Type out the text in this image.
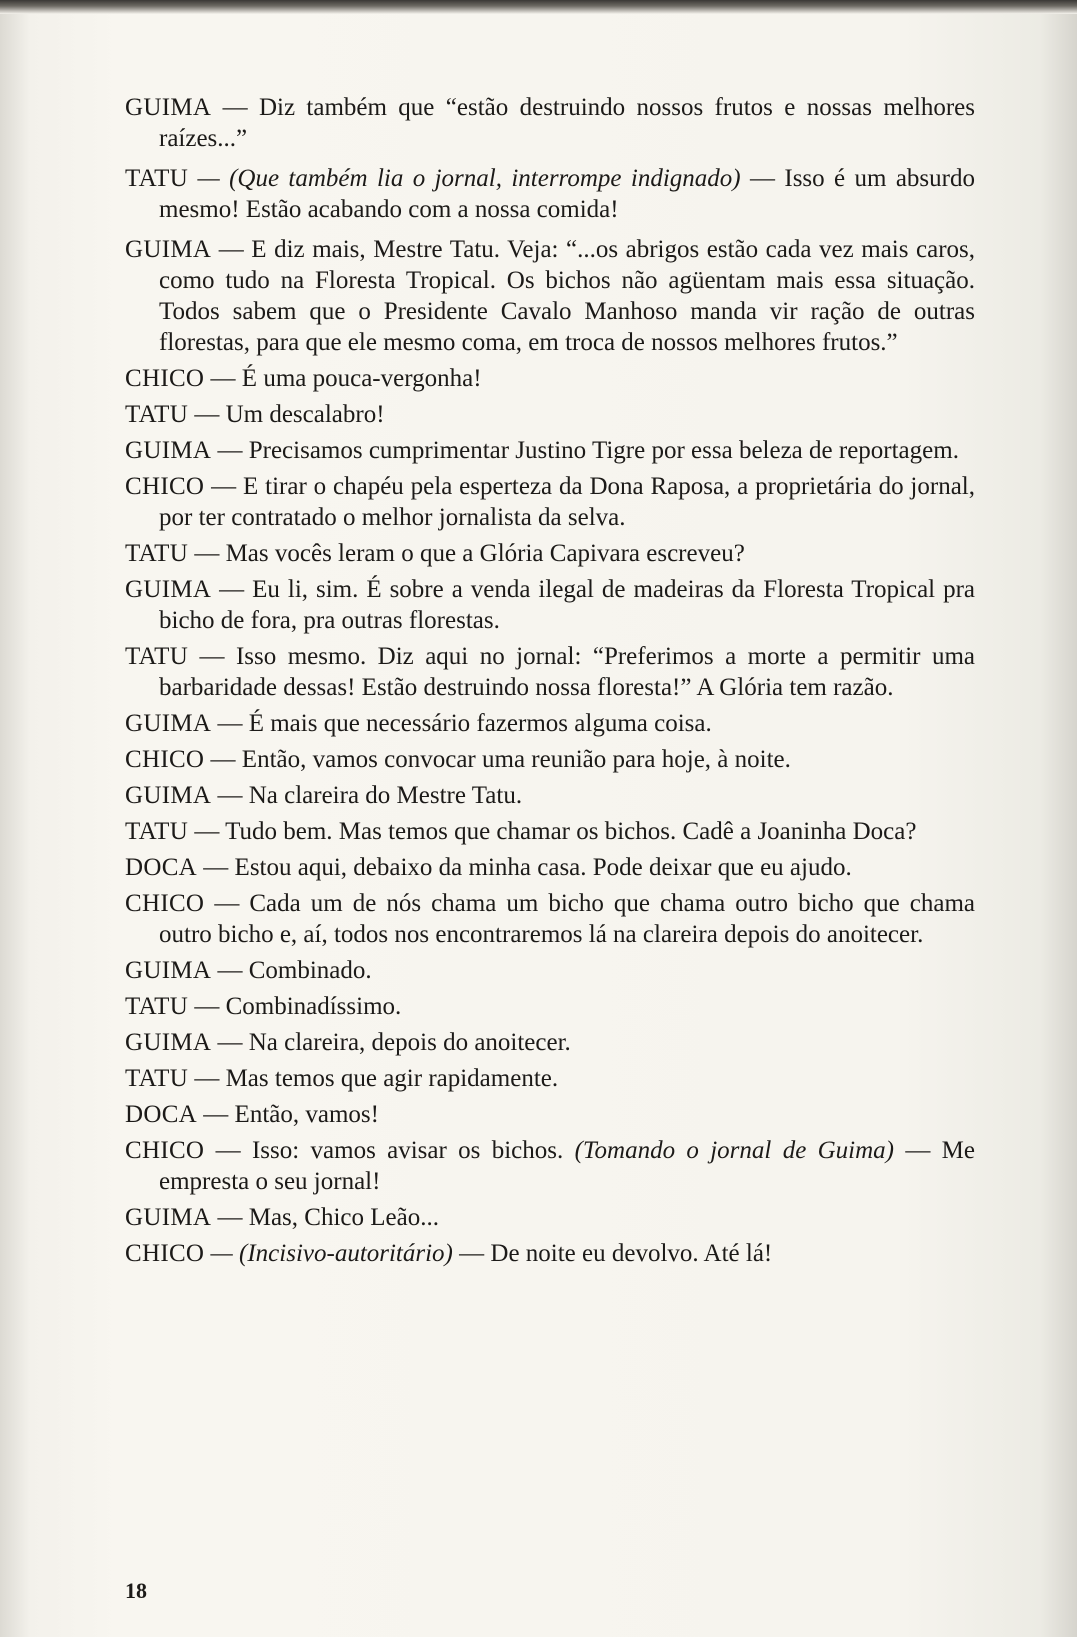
GUIMA — Diz também que “estão destruindo nossos frutos e nossas melhores raízes...”

TATU — (Que também lia o jornal, interrompe indignado) — Isso é um absurdo mesmo! Estão acabando com a nossa comida!

GUIMA — E diz mais, Mestre Tatu. Veja: “...os abrigos estão cada vez mais caros, como tudo na Floresta Tropical. Os bichos não agüentam mais essa situação. Todos sabem que o Presidente Cavalo Manhoso manda vir ração de outras florestas, para que ele mesmo coma, em troca de nossos melhores frutos.”

CHICO — É uma pouca-vergonha!

TATU — Um descalabro!

GUIMA — Precisamos cumprimentar Justino Tigre por essa beleza de reportagem.

CHICO — E tirar o chapéu pela esperteza da Dona Raposa, a proprietária do jornal, por ter contratado o melhor jornalista da selva.

TATU — Mas vocês leram o que a Glória Capivara escreveu?

GUIMA — Eu li, sim. É sobre a venda ilegal de madeiras da Floresta Tropical pra bicho de fora, pra outras florestas.

TATU — Isso mesmo. Diz aqui no jornal: “Preferimos a morte a permitir uma barbaridade dessas! Estão destruindo nossa floresta!” A Glória tem razão.

GUIMA — É mais que necessário fazermos alguma coisa.

CHICO — Então, vamos convocar uma reunião para hoje, à noite.

GUIMA — Na clareira do Mestre Tatu.

TATU — Tudo bem. Mas temos que chamar os bichos. Cadê a Joaninha Doca?

DOCA — Estou aqui, debaixo da minha casa. Pode deixar que eu ajudo.

CHICO — Cada um de nós chama um bicho que chama outro bicho que chama outro bicho e, aí, todos nos encontraremos lá na clareira depois do anoitecer.

GUIMA — Combinado.

TATU — Combinadíssimo.

GUIMA — Na clareira, depois do anoitecer.

TATU — Mas temos que agir rapidamente.

DOCA — Então, vamos!

CHICO — Isso: vamos avisar os bichos. (Tomando o jornal de Guima) — Me empresta o seu jornal!

GUIMA — Mas, Chico Leão...

CHICO — (Incisivo-autoritário) — De noite eu devolvo. Até lá!

18
